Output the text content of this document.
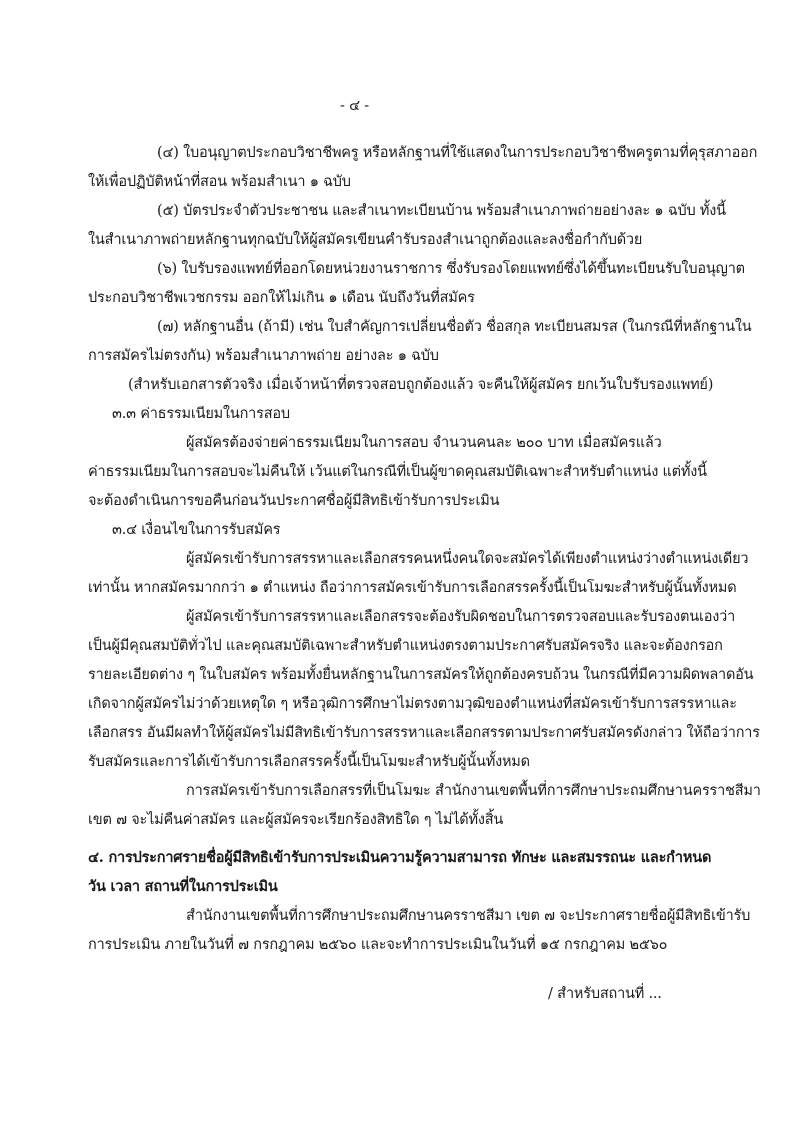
- ๔ -
(๔) ใบอนุญาตประกอบวิชาชีพครู หรือหลักฐานที่ใช้แสดงในการประกอบวิชาชีพครูตามที่คุรุสภาออก
ให้เพื่อปฏิบัติหน้าที่สอน พร้อมสำเนา ๑ ฉบับ
(๕) บัตรประจำตัวประชาชน และสำเนาทะเบียนบ้าน พร้อมสำเนาภาพถ่ายอย่างละ ๑ ฉบับ ทั้งนี้
ในสำเนาภาพถ่ายหลักฐานทุกฉบับให้ผู้สมัครเขียนคำรับรองสำเนาถูกต้องและลงชื่อกำกับด้วย
(๖) ใบรับรองแพทย์ที่ออกโดยหน่วยงานราชการ ซึ่งรับรองโดยแพทย์ซึ่งได้ขึ้นทะเบียนรับใบอนุญาต
ประกอบวิชาชีพเวชกรรม ออกให้ไม่เกิน ๑ เดือน นับถึงวันที่สมัคร
(๗) หลักฐานอื่น (ถ้ามี) เช่น ใบสำคัญการเปลี่ยนชื่อตัว ชื่อสกุล ทะเบียนสมรส (ในกรณีที่หลักฐานใน
การสมัครไม่ตรงกัน) พร้อมสำเนาภาพถ่าย อย่างละ ๑ ฉบับ
(สำหรับเอกสารตัวจริง เมื่อเจ้าหน้าที่ตรวจสอบถูกต้องแล้ว จะคืนให้ผู้สมัคร ยกเว้นใบรับรองแพทย์)
๓.๓ ค่าธรรมเนียมในการสอบ
ผู้สมัครต้องจ่ายค่าธรรมเนียมในการสอบ จำนวนคนละ ๒๐๐ บาท เมื่อสมัครแล้ว
ค่าธรรมเนียมในการสอบจะไม่คืนให้ เว้นแต่ในกรณีที่เป็นผู้ขาดคุณสมบัติเฉพาะสำหรับตำแหน่ง แต่ทั้งนี้
จะต้องดำเนินการขอคืนก่อนวันประกาศชื่อผู้มีสิทธิเข้ารับการประเมิน
๓.๔ เงื่อนไขในการรับสมัคร
ผู้สมัครเข้ารับการสรรหาและเลือกสรรคนหนึ่งคนใดจะสมัครได้เพียงตำแหน่งว่างตำแหน่งเดียว
เท่านั้น หากสมัครมากกว่า ๑ ตำแหน่ง ถือว่าการสมัครเข้ารับการเลือกสรรครั้งนี้เป็นโมฆะสำหรับผู้นั้นทั้งหมด
ผู้สมัครเข้ารับการสรรหาและเลือกสรรจะต้องรับผิดชอบในการตรวจสอบและรับรองตนเองว่า
เป็นผู้มีคุณสมบัติทั่วไป และคุณสมบัติเฉพาะสำหรับตำแหน่งตรงตามประกาศรับสมัครจริง และจะต้องกรอก
รายละเอียดต่าง ๆ ในใบสมัคร พร้อมทั้งยื่นหลักฐานในการสมัครให้ถูกต้องครบถ้วน ในกรณีที่มีความผิดพลาดอัน
เกิดจากผู้สมัครไม่ว่าด้วยเหตุใด ๆ หรือวุฒิการศึกษาไม่ตรงตามวุฒิของตำแหน่งที่สมัครเข้ารับการสรรหาและ
เลือกสรร อันมีผลทำให้ผู้สมัครไม่มีสิทธิเข้ารับการสรรหาและเลือกสรรตามประกาศรับสมัครดังกล่าว ให้ถือว่าการ
รับสมัครและการได้เข้ารับการเลือกสรรครั้งนี้เป็นโมฆะสำหรับผู้นั้นทั้งหมด
การสมัครเข้ารับการเลือกสรรที่เป็นโมฆะ สำนักงานเขตพื้นที่การศึกษาประถมศึกษานครราชสีมา
เขต ๗ จะไม่คืนค่าสมัคร และผู้สมัครจะเรียกร้องสิทธิใด ๆ ไม่ได้ทั้งสิ้น
๔. การประกาศรายชื่อผู้มีสิทธิเข้ารับการประเมินความรู้ความสามารถ ทักษะ และสมรรถนะ และกำหนด
วัน เวลา สถานที่ในการประเมิน
สำนักงานเขตพื้นที่การศึกษาประถมศึกษานครราชสีมา เขต ๗ จะประกาศรายชื่อผู้มีสิทธิเข้ารับ
การประเมิน ภายในวันที่ ๗ กรกฎาคม ๒๕๖๐ และจะทำการประเมินในวันที่ ๑๕ กรกฎาคม ๒๕๖๐
/ สำหรับสถานที่ ...
